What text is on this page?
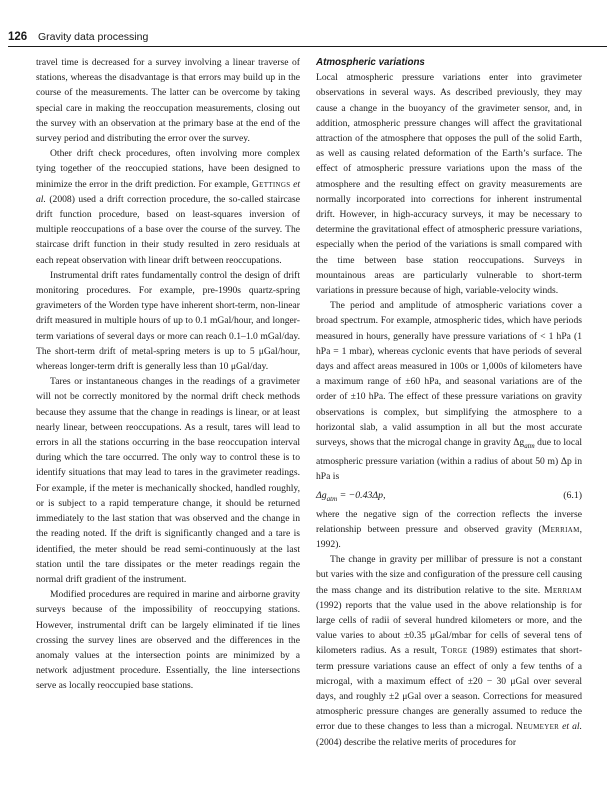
126 Gravity data processing

travel time is decreased for a survey involving a linear traverse of stations, whereas the disadvantage is that errors may build up in the course of the measurements. The latter can be overcome by taking special care in making the reoccupation measurements, closing out the survey with an observation at the primary base at the end of the survey period and distributing the error over the survey.

Other drift check procedures, often involving more complex tying together of the reoccupied stations, have been designed to minimize the error in the drift prediction. For example, Gettings et al. (2008) used a drift correction procedure, the so-called staircase drift function procedure, based on least-squares inversion of multiple reoccupations of a base over the course of the survey. The staircase drift function in their study resulted in zero residuals at each repeat observation with linear drift between reoccupations.

Instrumental drift rates fundamentally control the design of drift monitoring procedures. For example, pre-1990s quartz-spring gravimeters of the Worden type have inherent short-term, non-linear drift measured in multiple hours of up to 0.1 mGal/hour, and longer-term variations of several days or more can reach 0.1–1.0 mGal/day. The short-term drift of metal-spring meters is up to 5 μGal/hour, whereas longer-term drift is generally less than 10 μGal/day.

Tares or instantaneous changes in the readings of a gravimeter will not be correctly monitored by the normal drift check methods because they assume that the change in readings is linear, or at least nearly linear, between reoccupations. As a result, tares will lead to errors in all the stations occurring in the base reoccupation interval during which the tare occurred. The only way to control these is to identify situations that may lead to tares in the gravimeter readings. For example, if the meter is mechanically shocked, handled roughly, or is subject to a rapid temperature change, it should be returned immediately to the last station that was observed and the change in the reading noted. If the drift is significantly changed and a tare is identified, the meter should be read semi-continuously at the last station until the tare dissipates or the meter readings regain the normal drift gradient of the instrument.

Modified procedures are required in marine and airborne gravity surveys because of the impossibility of reoccupying stations. However, instrumental drift can be largely eliminated if tie lines crossing the survey lines are observed and the differences in the anomaly values at the intersection points are minimized by a network adjustment procedure. Essentially, the line intersections serve as locally reoccupied base stations.

Atmospheric variations

Local atmospheric pressure variations enter into gravimeter observations in several ways. As described previously, they may cause a change in the buoyancy of the gravimeter sensor, and, in addition, atmospheric pressure changes will affect the gravitational attraction of the atmosphere that opposes the pull of the solid Earth, as well as causing related deformation of the Earth’s surface. The effect of atmospheric pressure variations upon the mass of the atmosphere and the resulting effect on gravity measurements are normally incorporated into corrections for inherent instrumental drift. However, in high-accuracy surveys, it may be necessary to determine the gravitational effect of atmospheric pressure variations, especially when the period of the variations is small compared with the time between base station reoccupations. Surveys in mountainous areas are particularly vulnerable to short-term variations in pressure because of high, variable-velocity winds.

The period and amplitude of atmospheric variations cover a broad spectrum. For example, atmospheric tides, which have periods measured in hours, generally have pressure variations of < 1 hPa (1 hPa = 1 mbar), whereas cyclonic events that have periods of several days and affect areas measured in 100s or 1,000s of kilometers have a maximum range of ±60 hPa, and seasonal variations are of the order of ±10 hPa. The effect of these pressure variations on gravity observations is complex, but simplifying the atmosphere to a horizontal slab, a valid assumption in all but the most accurate surveys, shows that the microgal change in gravity $\Delta g_{atm}$ due to local atmospheric pressure variation (within a radius of about 50 m) Δp in hPa is

$\Delta g_{atm} = -0.43\Delta p$,	(6.1)

where the negative sign of the correction reflects the inverse relationship between pressure and observed gravity (Merriam, 1992).

The change in gravity per millibar of pressure is not a constant but varies with the size and configuration of the pressure cell causing the mass change and its distribution relative to the site. Merriam (1992) reports that the value used in the above relationship is for large cells of radii of several hundred kilometers or more, and the value varies to about ±0.35 μGal/mbar for cells of several tens of kilometers radius. As a result, Torge (1989) estimates that short-term pressure variations cause an effect of only a few tenths of a microgal, with a maximum effect of ±20 − 30 μGal over several days, and roughly ±2 μGal over a season. Corrections for measured atmospheric pressure changes are generally assumed to reduce the error due to these changes to less than a microgal. Neumeyer et al. (2004) describe the relative merits of procedures for
